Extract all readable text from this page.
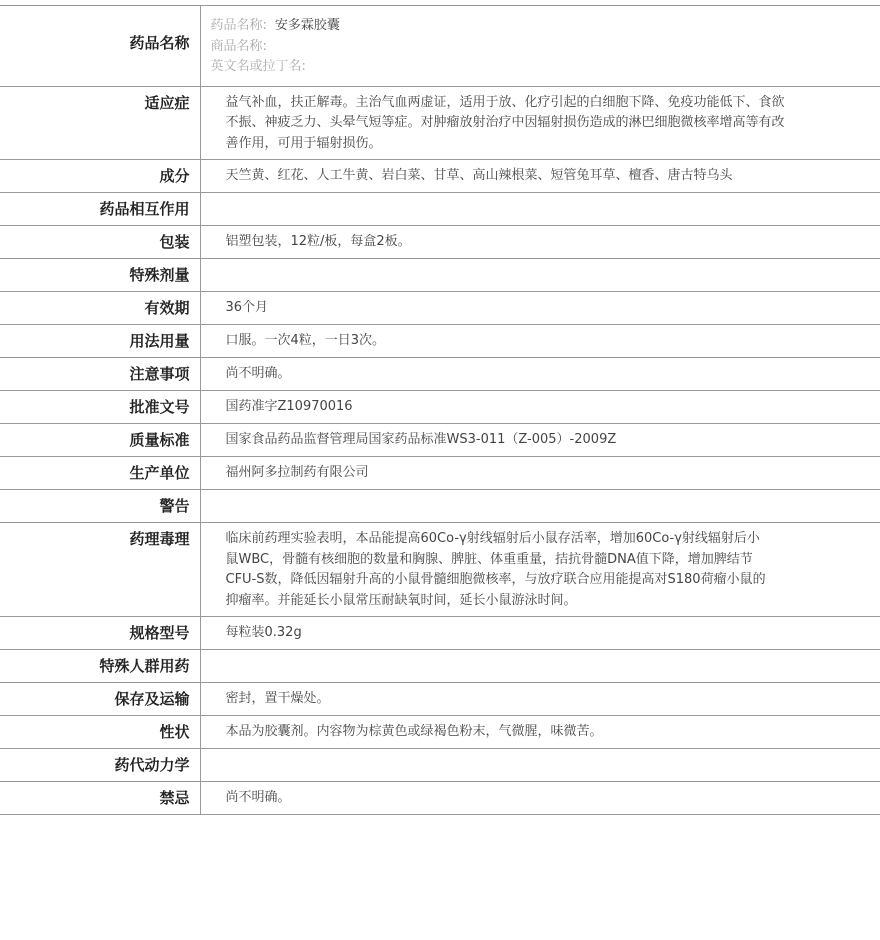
药品名称	药品名称: 安多霖胶囊
商品名称:
英文名或拉丁名:

适应症	益气补血，扶正解毒。主治气血两虚证，适用于放、化疗引起的白细胞下降、免疫功能低下、食欲不振、神疲乏力、头晕气短等症。对肿瘤放射治疗中因辐射损伤造成的淋巴细胞微核率增高等有改善作用，可用于辐射损伤。
成分	天竺黄、红花、人工牛黄、岩白菜、甘草、高山辣根菜、短管兔耳草、檀香、唐古特乌头
药品相互作用	
包装	铝塑包装，12粒/板，每盒2板。
特殊剂量	
有效期	36个月
用法用量	口服。一次4粒，一日3次。
注意事项	尚不明确。
批准文号	国药准字Z10970016
质量标准	国家食品药品监督管理局国家药品标准WS3-011（Z-005）-2009Z
生产单位	福州阿多拉制药有限公司
警告	
药理毒理	临床前药理实验表明，本品能提高60Co-γ射线辐射后小鼠存活率，增加60Co-γ射线辐射后小鼠WBC，骨髓有核细胞的数量和胸腺、脾脏、体重重量，拮抗骨髓DNA值下降，增加脾结节CFU-S数，降低因辐射升高的小鼠骨髓细胞微核率，与放疗联合应用能提高对S180荷瘤小鼠的抑瘤率。并能延长小鼠常压耐缺氧时间，延长小鼠游泳时间。
规格型号	每粒装0.32g
特殊人群用药	
保存及运输	密封，置干燥处。
性状	本品为胶囊剂。内容物为棕黄色或绿褐色粉末，气微腥，味微苦。
药代动力学	
禁忌	尚不明确。
